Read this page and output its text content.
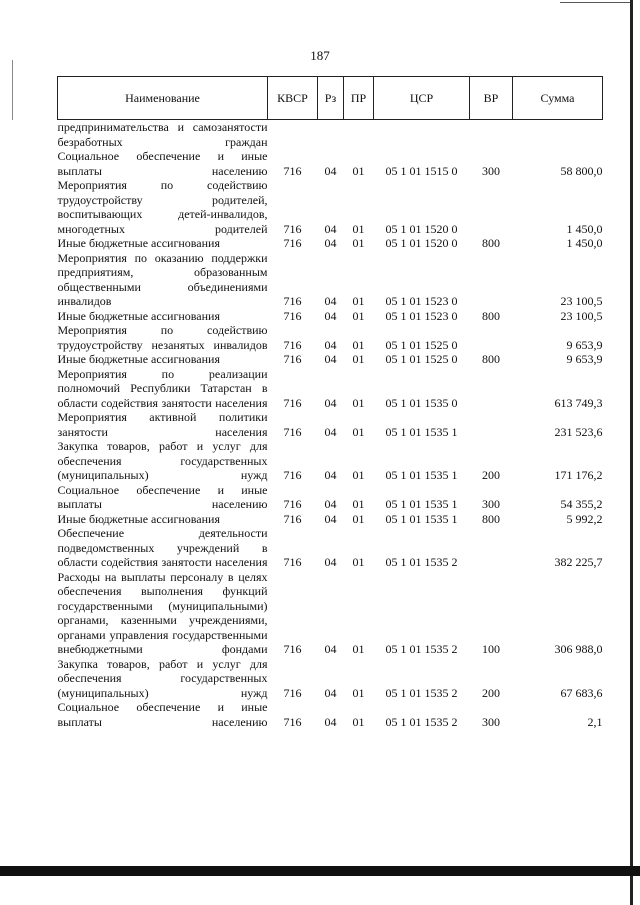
187
Наименование	КВСР	Рз	ПР	ЦСР	ВР	Сумма
предпринимательства и самозанятости безработных граждан						
Социальное обеспечение и иные выплаты населению	716	04	01	05 1 01 1515 0	300	58 800,0
Мероприятия по содействию трудоустройству родителей, воспитывающих детей-инвалидов, многодетных родителей	716	04	01	05 1 01 1520 0		1 450,0
Иные бюджетные ассигнования	716	04	01	05 1 01 1520 0	800	1 450,0
Мероприятия по оказанию поддержки предприятиям, образованным общественными объединениями инвалидов	716	04	01	05 1 01 1523 0		23 100,5
Иные бюджетные ассигнования	716	04	01	05 1 01 1523 0	800	23 100,5
Мероприятия по содействию трудоустройству незанятых инвалидов	716	04	01	05 1 01 1525 0		9 653,9
Иные бюджетные ассигнования	716	04	01	05 1 01 1525 0	800	9 653,9
Мероприятия по реализации полномочий Республики Татарстан в области содействия занятости населения	716	04	01	05 1 01 1535 0		613 749,3
Мероприятия активной политики занятости населения	716	04	01	05 1 01 1535 1		231 523,6
Закупка товаров, работ и услуг для обеспечения государственных (муниципальных) нужд	716	04	01	05 1 01 1535 1	200	171 176,2
Социальное обеспечение и иные выплаты населению	716	04	01	05 1 01 1535 1	300	54 355,2
Иные бюджетные ассигнования	716	04	01	05 1 01 1535 1	800	5 992,2
Обеспечение деятельности подведомственных учреждений в области содействия занятости населения	716	04	01	05 1 01 1535 2		382 225,7
Расходы на выплаты персоналу в целях обеспечения выполнения функций государственными (муниципальными) органами, казенными учреждениями, органами управления государственными внебюджетными фондами	716	04	01	05 1 01 1535 2	100	306 988,0
Закупка товаров, работ и услуг для обеспечения государственных (муниципальных) нужд	716	04	01	05 1 01 1535 2	200	67 683,6
Социальное обеспечение и иные выплаты населению	716	04	01	05 1 01 1535 2	300	2,1
